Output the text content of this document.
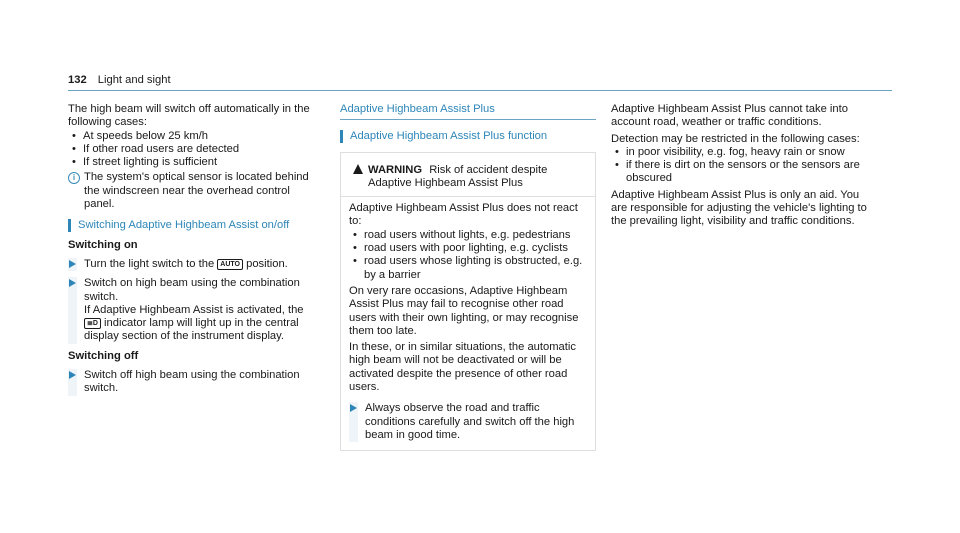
132 Light and sight

The high beam will switch off automatically in the following cases:

• At speeds below 25 km/h
• If other road users are detected
• If street lighting is sufficient
i The system's optical sensor is located behind the windscreen near the overhead control panel.
Switching Adaptive Highbeam Assist on/off
Switching on
Turn the light switch to the AUTO position.

Switch on high beam using the combination switch.

If Adaptive Highbeam Assist is activated, the ≣D indicator lamp will light up in the central display section of the instrument display.

Switching off
Switch off high beam using the combination switch.
Adaptive Highbeam Assist Plus
Adaptive Highbeam Assist Plus function
WARNING Risk of accident despite Adaptive Highbeam Assist Plus

Adaptive Highbeam Assist Plus does not react to:

• road users without lights, e.g. pedestrians
• road users with poor lighting, e.g. cyclists
• road users whose lighting is obstructed, e.g. by a barrier

On very rare occasions, Adaptive Highbeam Assist Plus may fail to recognise other road users with their own lighting, or may recognise them too late.

In these, or in similar situations, the automatic high beam will not be deactivated or will be activated despite the presence of other road users.

Always observe the road and traffic conditions carefully and switch off the high beam in good time.

Adaptive Highbeam Assist Plus cannot take into account road, weather or traffic conditions.

Detection may be restricted in the following cases:

• in poor visibility, e.g. fog, heavy rain or snow
• if there is dirt on the sensors or the sensors are obscured

Adaptive Highbeam Assist Plus is only an aid. You are responsible for adjusting the vehicle's lighting to the prevailing light, visibility and traffic conditions.
